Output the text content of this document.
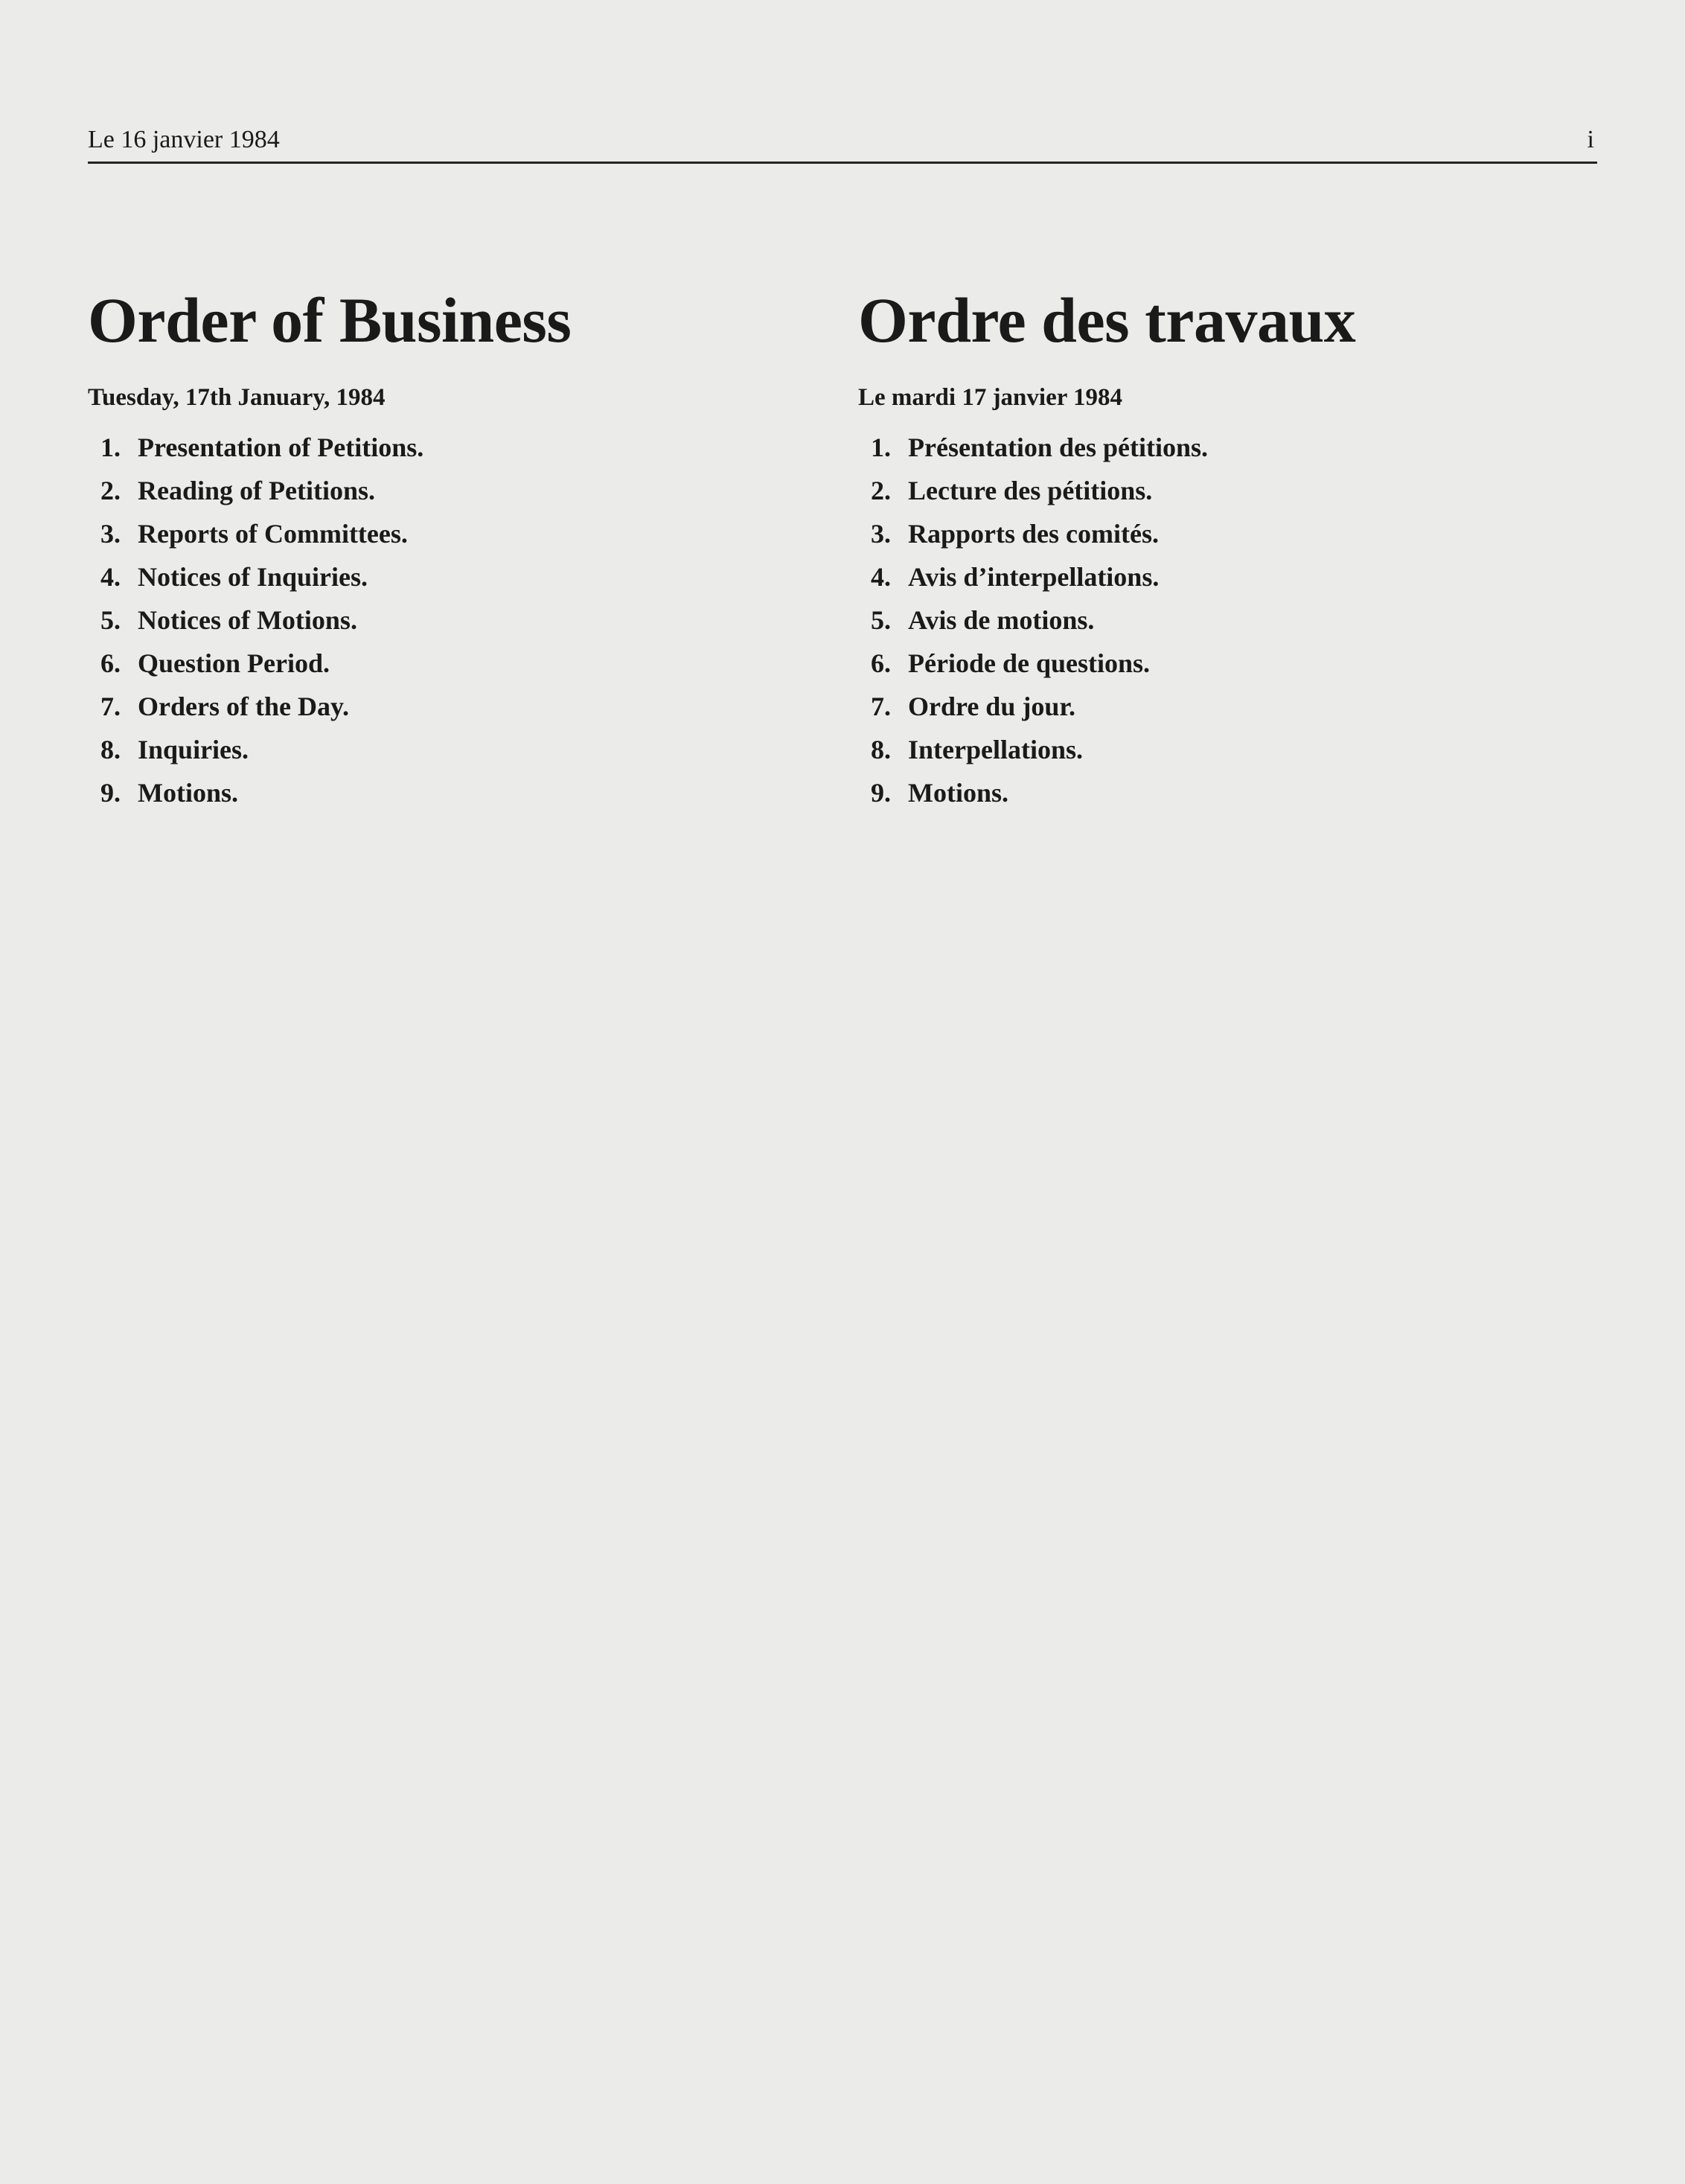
Le 16 janvier 1984	i
Order of Business
Tuesday, 17th January, 1984
1. Presentation of Petitions.
2. Reading of Petitions.
3. Reports of Committees.
4. Notices of Inquiries.
5. Notices of Motions.
6. Question Period.
7. Orders of the Day.
8. Inquiries.
9. Motions.
Ordre des travaux
Le mardi 17 janvier 1984
1. Présentation des pétitions.
2. Lecture des pétitions.
3. Rapports des comités.
4. Avis d’interpellations.
5. Avis de motions.
6. Période de questions.
7. Ordre du jour.
8. Interpellations.
9. Motions.
